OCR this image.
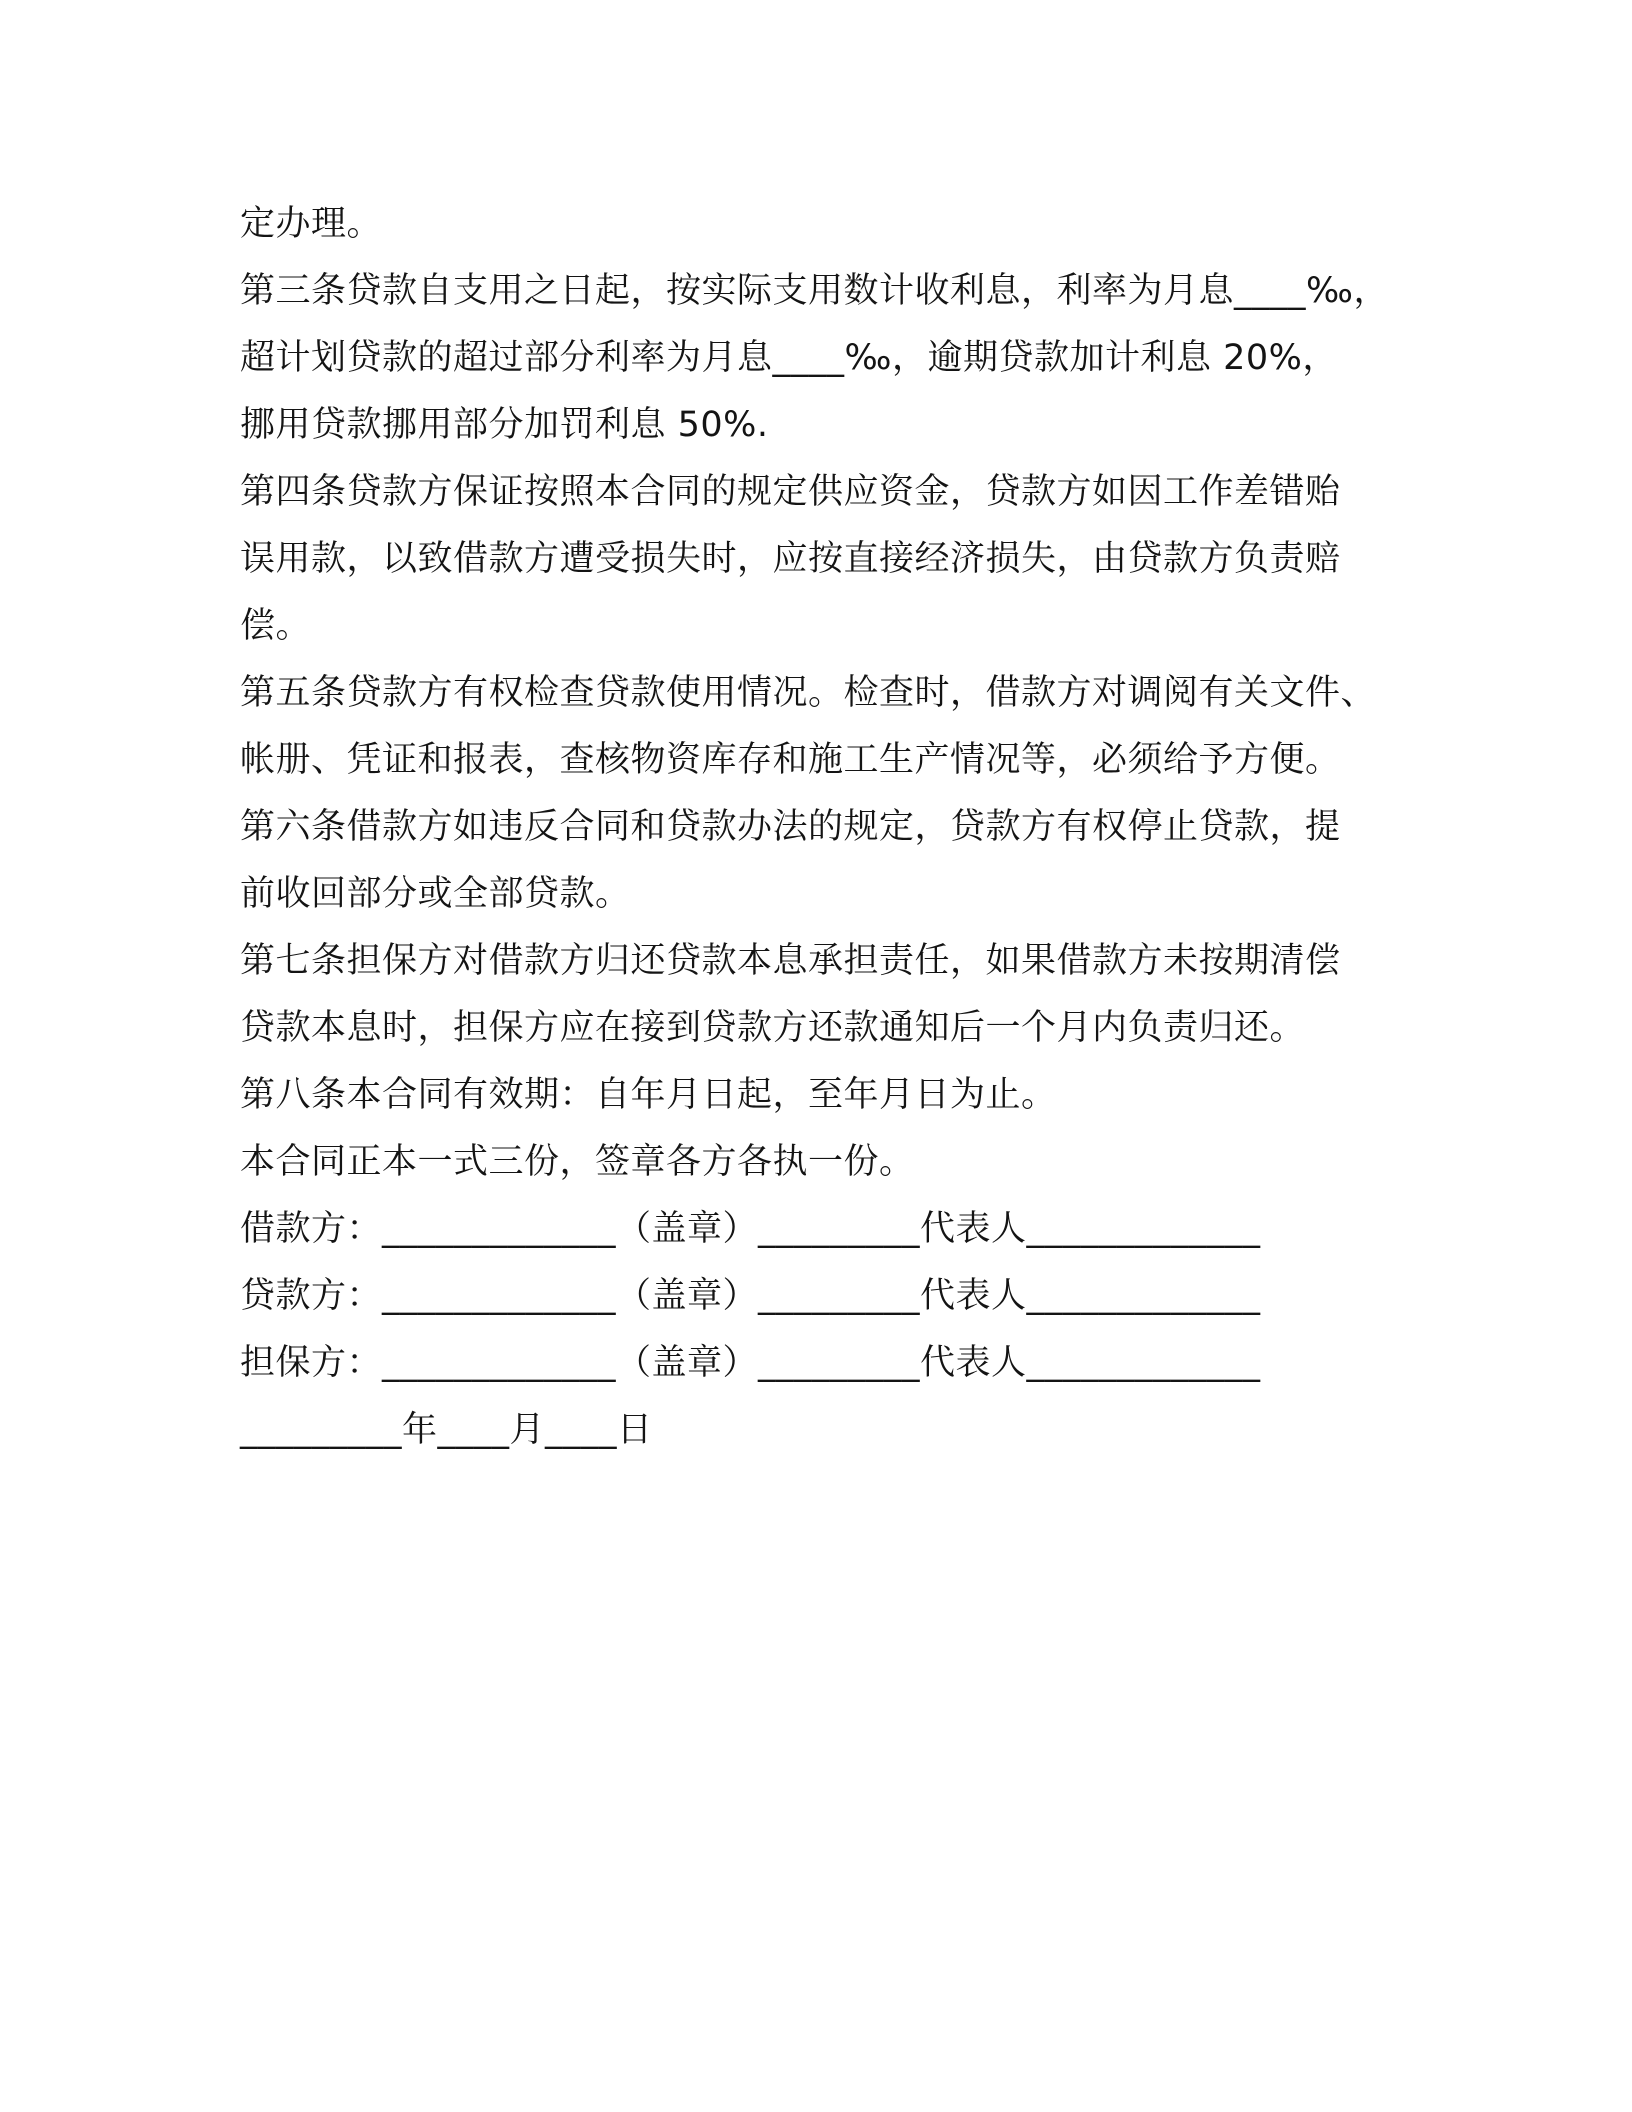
定办理。
第三条贷款自支用之日起，按实际支用数计收利息，利率为月息____‰，
超计划贷款的超过部分利率为月息____‰，逾期贷款加计利息 20%，
挪用贷款挪用部分加罚利息 50%.
第四条贷款方保证按照本合同的规定供应资金，贷款方如因工作差错贻
误用款，以致借款方遭受损失时，应按直接经济损失，由贷款方负责赔
偿。
第五条贷款方有权检查贷款使用情况。检查时，借款方对调阅有关文件、
帐册、凭证和报表，查核物资库存和施工生产情况等，必须给予方便。
第六条借款方如违反合同和贷款办法的规定，贷款方有权停止贷款，提
前收回部分或全部贷款。
第七条担保方对借款方归还贷款本息承担责任，如果借款方未按期清偿
贷款本息时，担保方应在接到贷款方还款通知后一个月内负责归还。
第八条本合同有效期：自年月日起，至年月日为止。
本合同正本一式三份，签章各方各执一份。
借款方：_____________（盖章）_________代表人_____________
贷款方：_____________（盖章）_________代表人_____________
担保方：_____________（盖章）_________代表人_____________
_________年____月____日
